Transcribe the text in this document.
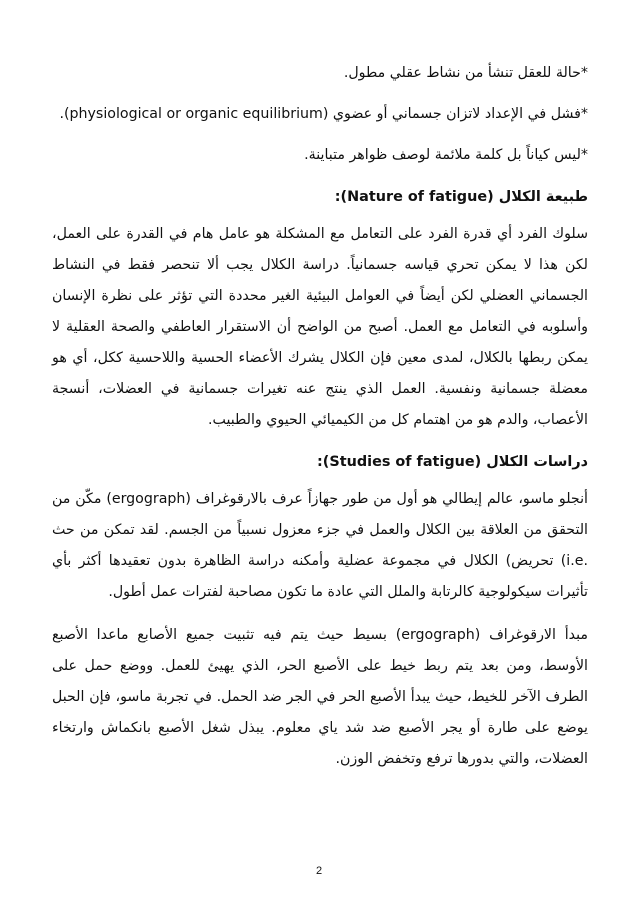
*حالة للعقل تنشأ من نشاط عقلي مطول.

*فشل في الإعداد لاتزان جسماني أو عضوي (physiological or organic equilibrium).

*ليس كياناً بل كلمة ملائمة لوصف ظواهر متباينة.

طبيعة الكلال (Nature of fatigue):

سلوك الفرد أي قدرة الفرد على التعامل مع المشكلة هو عامل هام في القدرة على العمل، لكن هذا لا يمكن تحري قياسه جسمانياً. دراسة الكلال يجب ألا تنحصر فقط في النشاط الجسماني العضلي لكن أيضاً في العوامل البيئية الغير محددة التي تؤثر على نظرة الإنسان وأسلوبه في التعامل مع العمل. أصبح من الواضح أن الاستقرار العاطفي والصحة العقلية لا يمكن ربطها بالكلال، لمدى معين فإن الكلال يشرك الأعضاء الحسية واللاحسية ككل، أي هو معضلة جسمانية ونفسية. العمل الذي ينتج عنه تغيرات جسمانية في العضلات، أنسجة الأعصاب، والدم هو من اهتمام كل من الكيميائي الحيوي والطبيب.

دراسات الكلال (Studies of fatigue):

أنجلو ماسو، عالم إيطالي هو أول من طور جهازاً عرف بالارقوغراف (ergograph) مكّن من التحقق من العلاقة بين الكلال والعمل في جزء معزول نسبياً من الجسم. لقد تمكن من حث (i.e. تحريض) الكلال في مجموعة عضلية وأمكنه دراسة الظاهرة بدون تعقيدها أكثر بأي تأثيرات سيكولوجية كالرتابة والملل التي عادة ما تكون مصاحبة لفترات عمل أطول.

مبدأ الارقوغراف (ergograph) بسيط حيث يتم فيه تثبيت جميع الأصابع ماعدا الأصبع الأوسط، ومن بعد يتم ربط خيط على الأصبع الحر، الذي يهيئ للعمل. ووضع حمل على الطرف الآخر للخيط، حيث يبدأ الأصبع الحر في الجر ضد الحمل. في تجربة ماسو، فإن الحبل يوضع على طارة أو يجر الأصبع ضد شد ياي معلوم. يبذل شغل الأصبع بانكماش وارتخاء العضلات، والتي بدورها ترفع وتخفض الوزن.

2
